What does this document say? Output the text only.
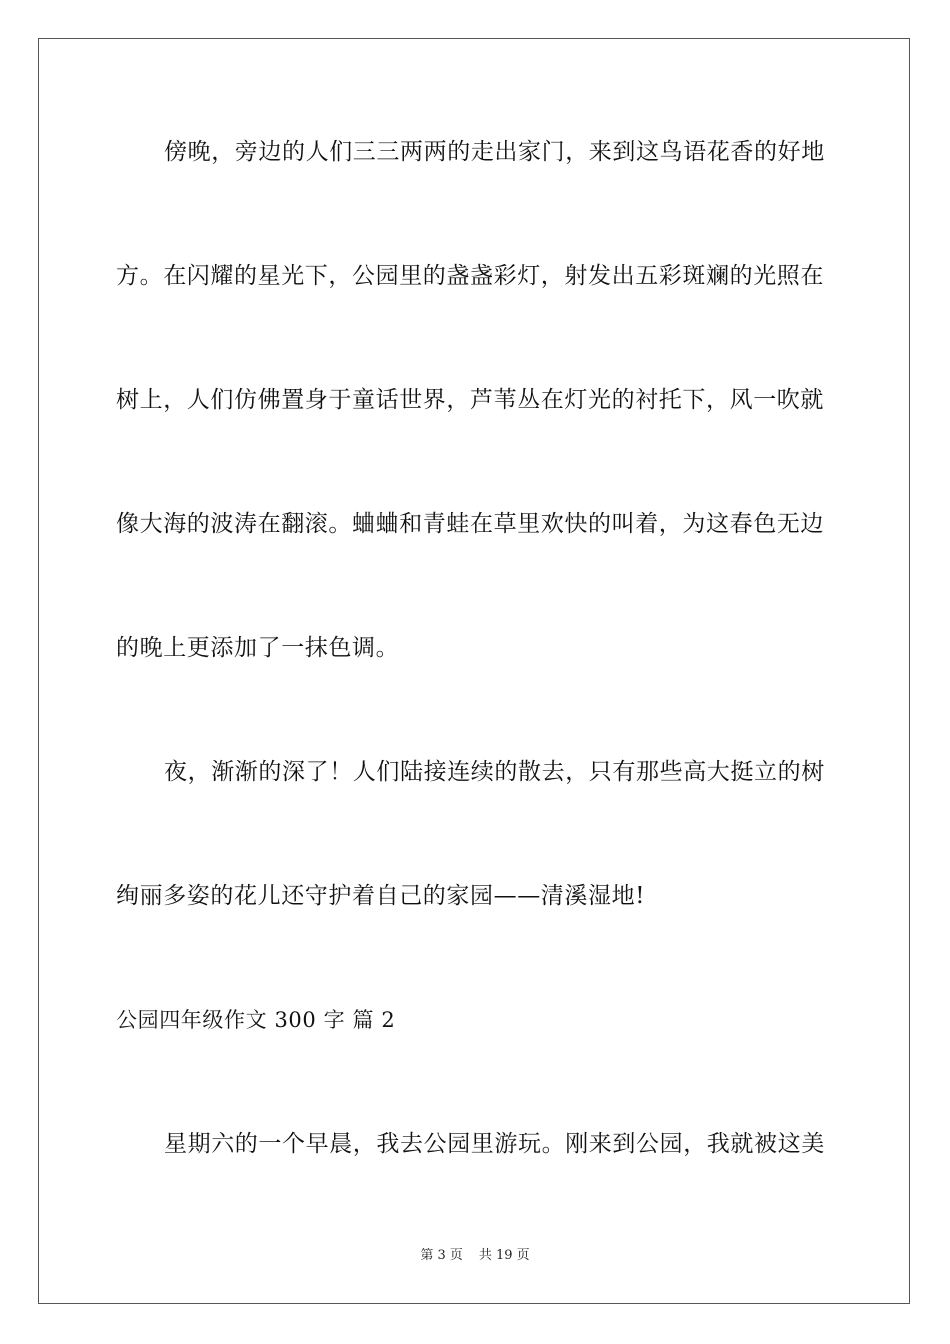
傍晚，旁边的人们三三两两的走出家门，来到这鸟语花香的好地
方。在闪耀的星光下，公园里的盏盏彩灯，射发出五彩斑斓的光照在
树上，人们仿佛置身于童话世界，芦苇丛在灯光的衬托下，风一吹就
像大海的波涛在翻滚。蛐蛐和青蛙在草里欢快的叫着，为这春色无边
的晚上更添加了一抹色调。
夜，渐渐的深了！人们陆接连续的散去，只有那些高大挺立的树
绚丽多姿的花儿还守护着自己的家园——清溪湿地!
公园四年级作文 300 字 篇 2
星期六的一个早晨，我去公园里游玩。刚来到公园，我就被这美
第 3 页 共 19 页
